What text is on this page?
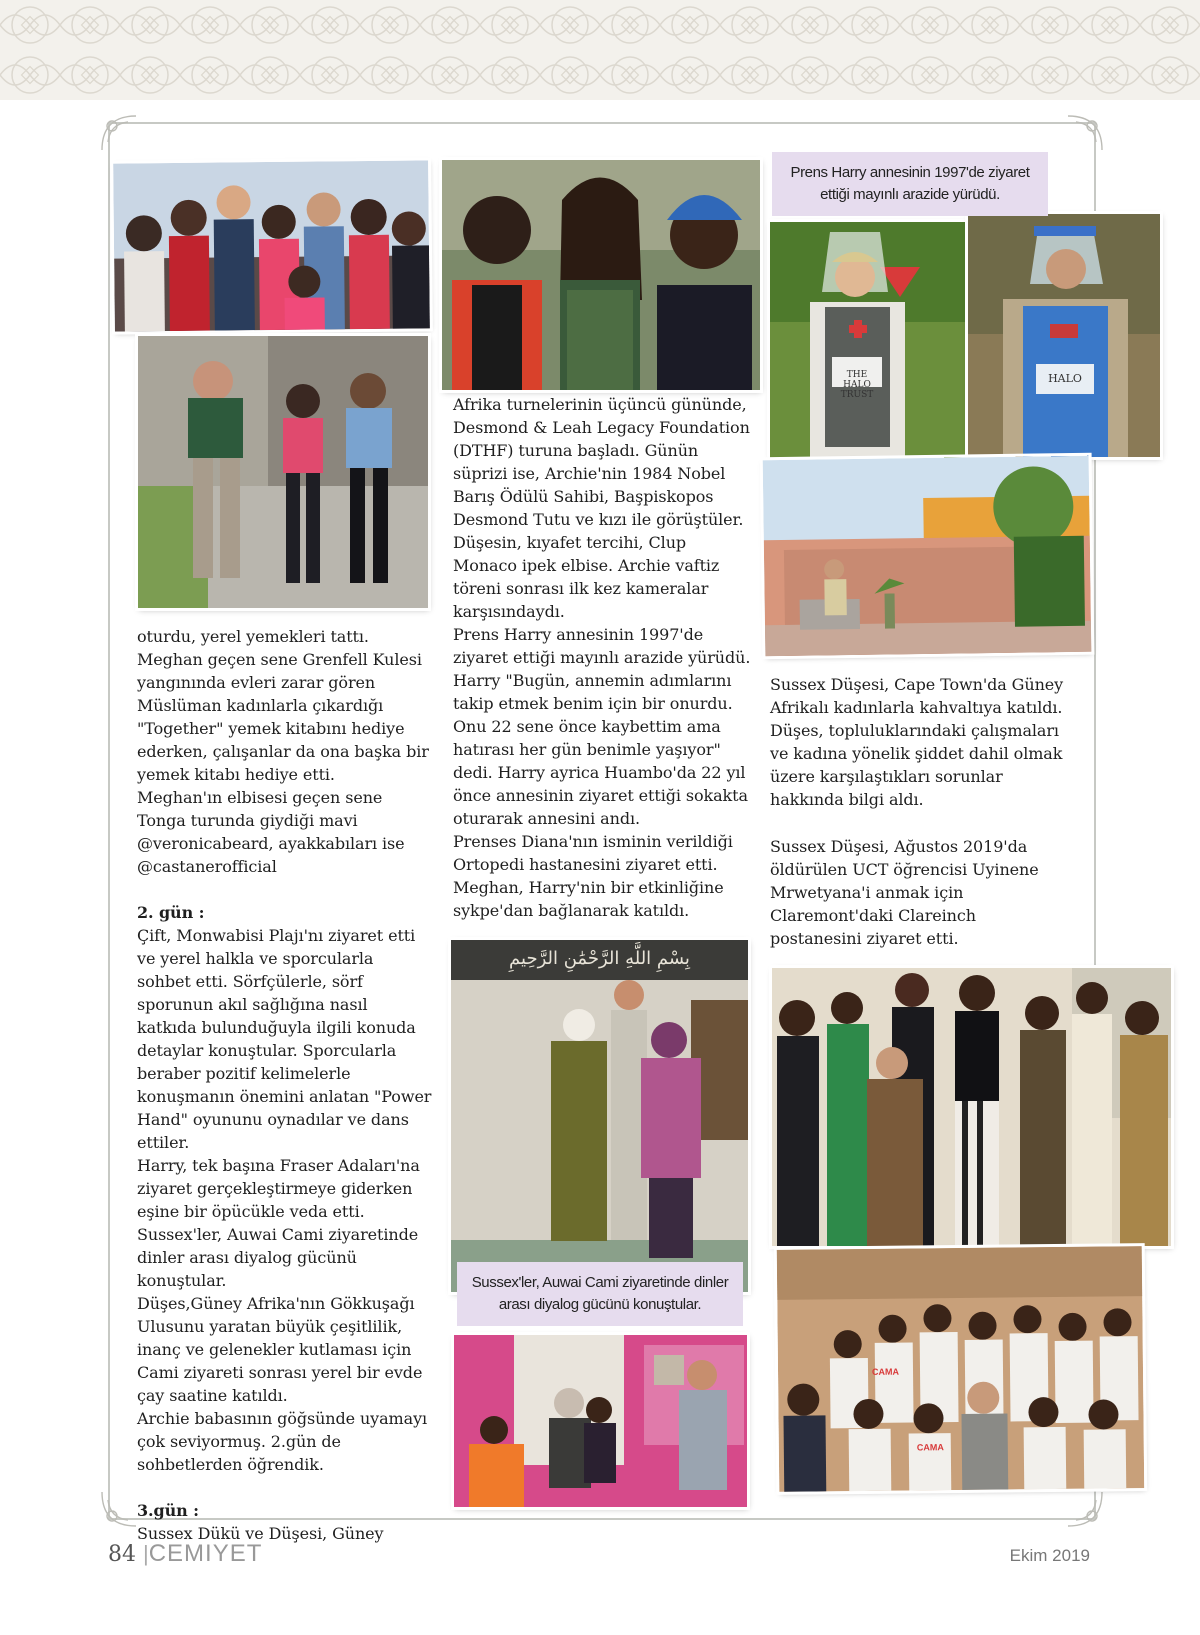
بِسْمِ اللَّهِ الرَّحْمَٰنِ الرَّحِيمِ
THE HALO TRUST
HALO
CAMA
CAMA
Prens Harry annesinin 1997'de ziyaret ettiği mayınlı arazide yürüdü.
Sussex'ler, Auwai Cami ziyaretinde dinler arası diyalog gücünü konuştular.

oturdu, yerel yemekleri tattı.

Meghan geçen sene Grenfell Kulesi yangınında evleri zarar gören Müslüman kadınlarla çıkardığı "Together" yemek kitabını hediye ederken, çalışanlar da ona başka bir yemek kitabı hediye etti.

Meghan'ın elbisesi geçen sene Tonga turunda giydiği mavi @veronicabeard, ayakkabıları ise @castanerofficial

2. gün :

Çift, Monwabisi Plajı'nı ziyaret etti ve yerel halkla ve sporcularla sohbet etti. Sörfçülerle, sörf sporunun akıl sağlığına nasıl katkıda bulunduğuyla ilgili konuda detaylar konuştular. Sporcularla beraber pozitif kelimelerle konuşmanın önemini anlatan "Power Hand" oyununu oynadılar ve dans ettiler.

Harry, tek başına Fraser Adaları'na ziyaret gerçekleştirmeye giderken eşine bir öpücükle veda etti.

Sussex'ler, Auwai Cami ziyaretinde dinler arası diyalog gücünü konuştular.

Düşes,Güney Afrika'nın Gökkuşağı Ulusunu yaratan büyük çeşitlilik, inanç ve gelenekler kutlaması için Cami ziyareti sonrası yerel bir evde çay saatine katıldı.

Archie babasının göğsünde uyamayı çok seviyormuş. 2.gün de sohbetlerden öğrendik.

3.gün :

Sussex Dükü ve Düşesi, Güney

Afrika turnelerinin üçüncü gününde, Desmond & Leah Legacy Foundation (DTHF) turuna başladı. Günün süprizi ise, Archie'nin 1984 Nobel Barış Ödülü Sahibi, Başpiskopos Desmond Tutu ve kızı ile görüştüler. Düşesin, kıyafet tercihi, Clup Monaco ipek elbise. Archie vaftiz töreni sonrası ilk kez kameralar karşısındaydı.

Prens Harry annesinin 1997'de ziyaret ettiği mayınlı arazide yürüdü. Harry "Bugün, annemin adımlarını takip etmek benim için bir onurdu. Onu 22 sene önce kaybettim ama hatırası her gün benimle yaşıyor" dedi. Harry ayrica Huambo'da 22 yıl önce annesinin ziyaret ettiği sokakta oturarak annesini andı.

Prenses Diana'nın isminin verildiği Ortopedi hastanesini ziyaret etti.

Meghan, Harry'nin bir etkinliğine sykpe'dan bağlanarak katıldı.

Sussex Düşesi, Cape Town'da Güney Afrikalı kadınlarla kahvaltıya katıldı. Düşes, topluluklarındaki çalışmaları ve kadına yönelik şiddet dahil olmak üzere karşılaştıkları sorunlar hakkında bilgi aldı.

Sussex Düşesi, Ağustos 2019'da öldürülen UCT öğrencisi Uyinene Mrwetyana'i anmak için Claremont'daki Clareinch postanesini ziyaret etti.

84 |CEMIYET	Ekim 2019
